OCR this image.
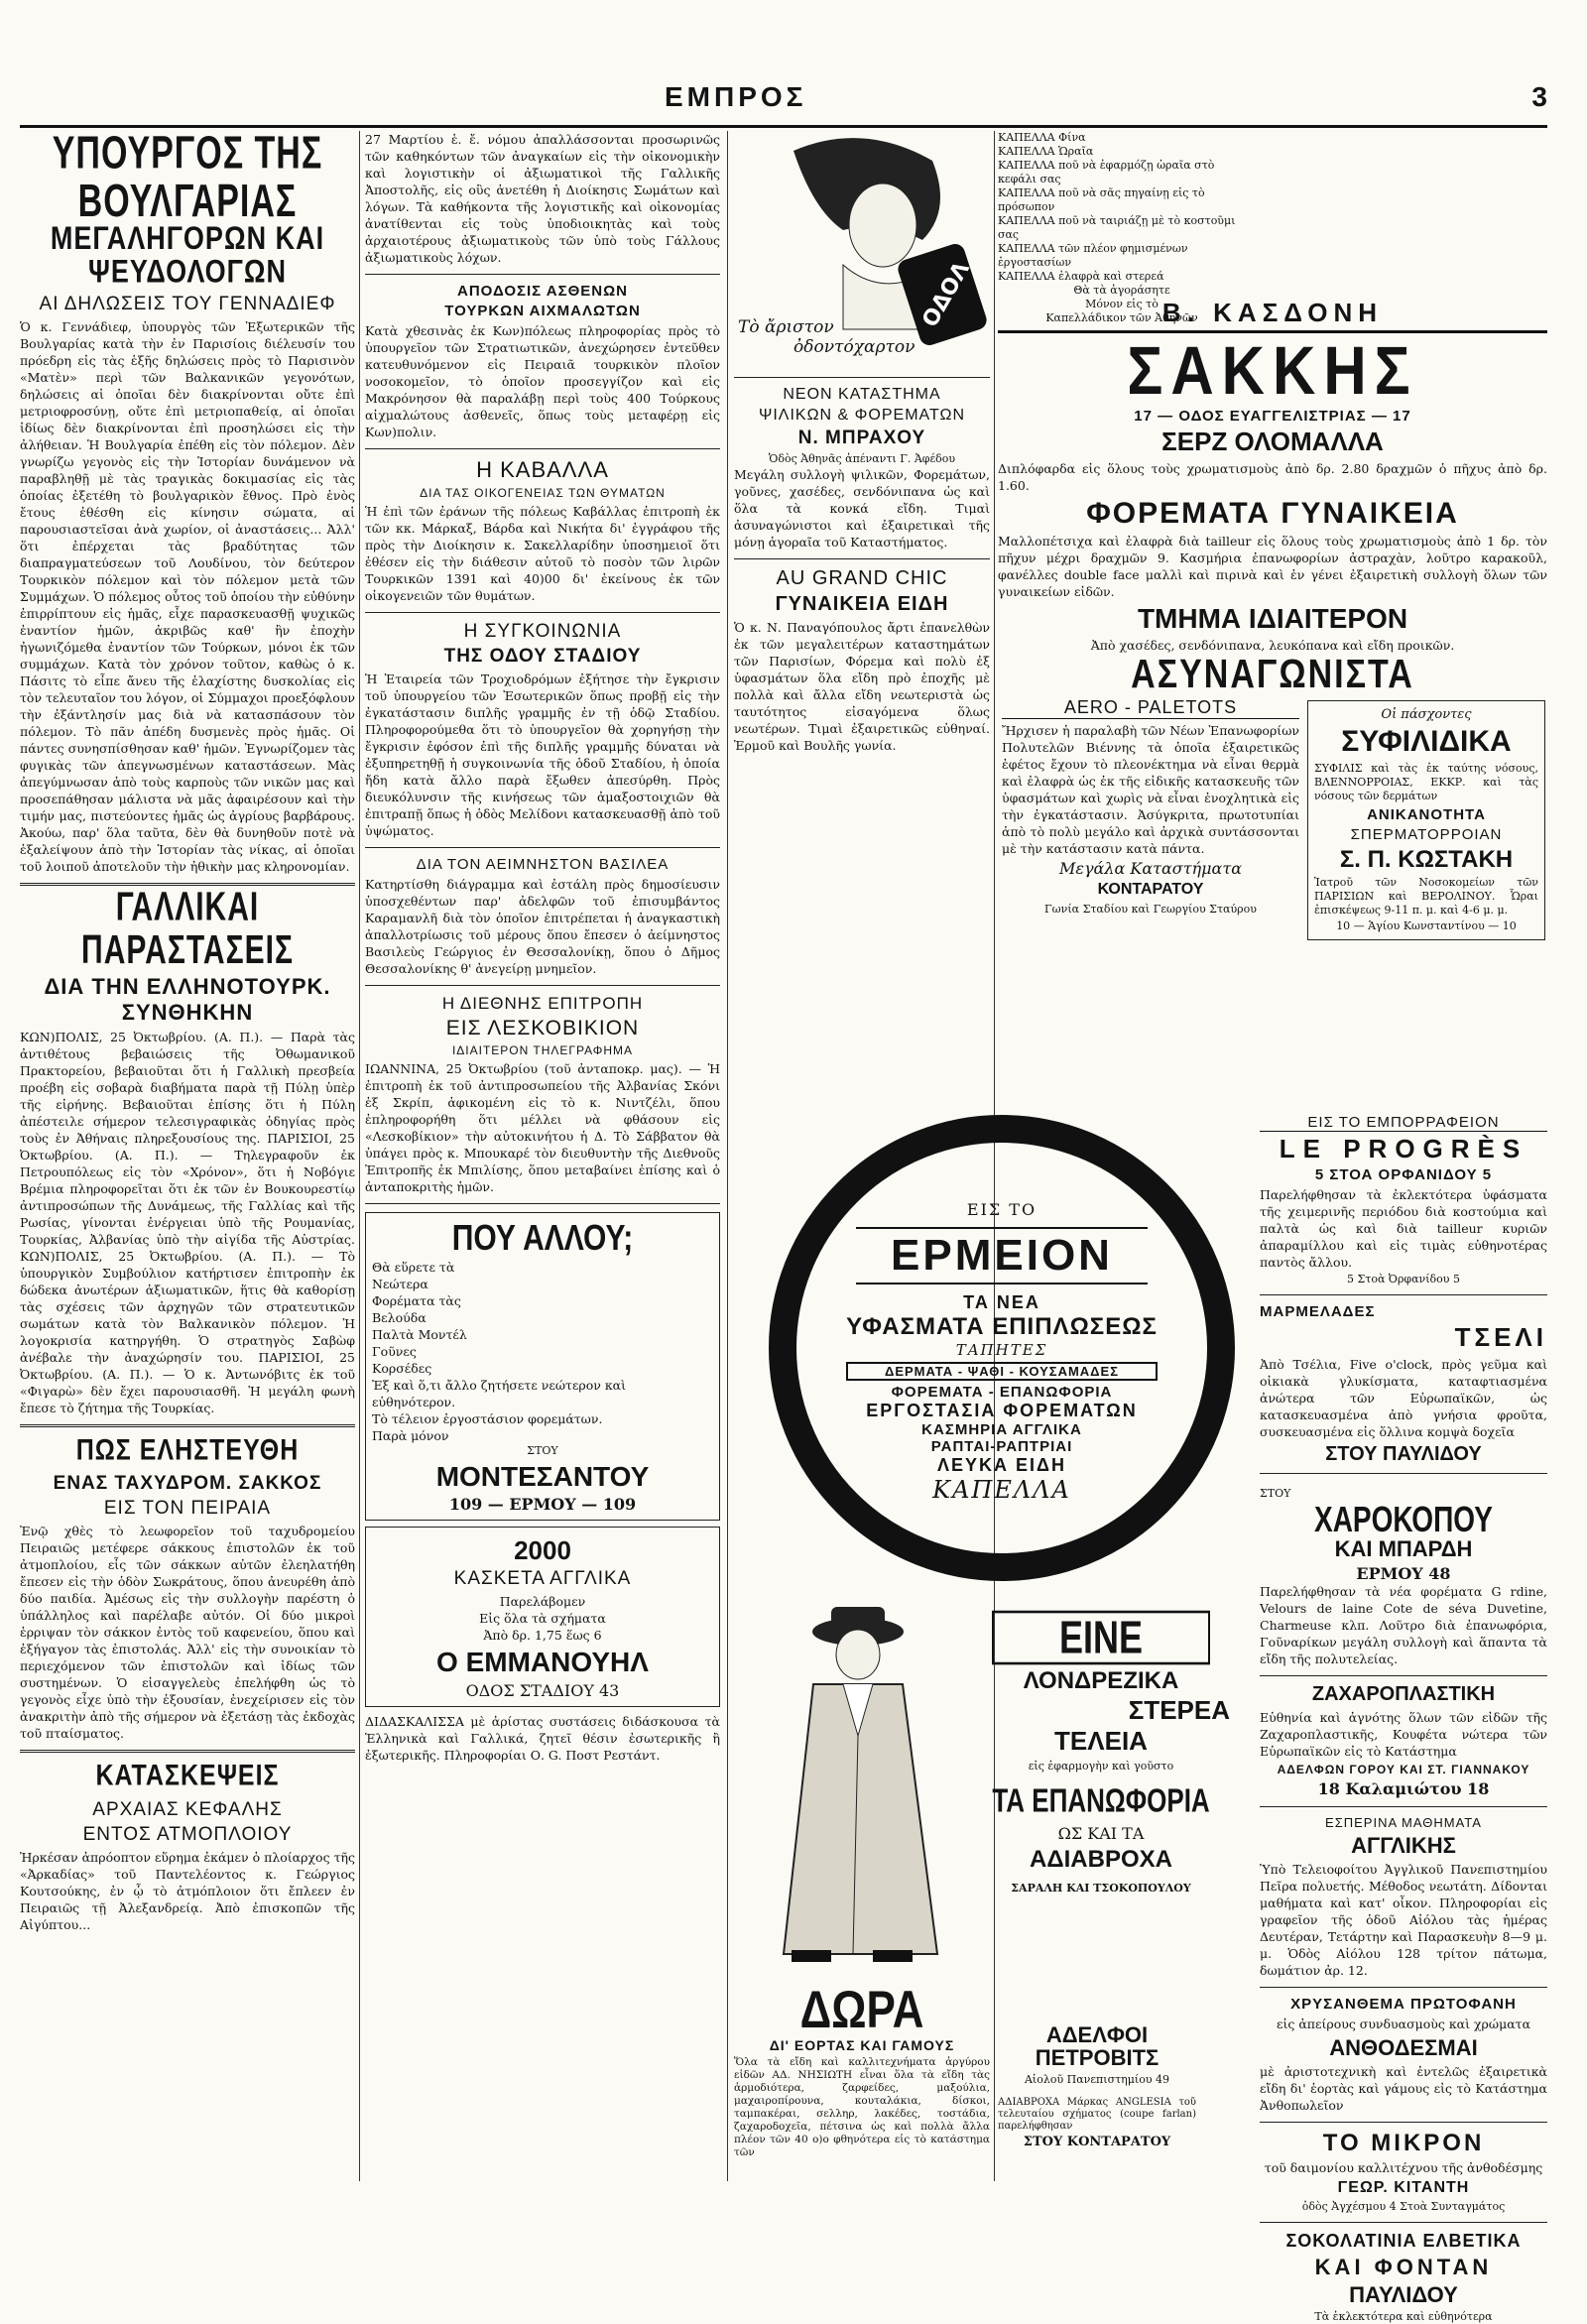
ΕΜΠΡΟΣ	3
ΥΠΟΥΡΓΟΣ ΤΗΣ ΒΟΥΛΓΑΡΙΑΣ
ΜΕΓΑΛΗΓΟΡΩΝ ΚΑΙ ΨΕΥΔΟΛΟΓΩΝ
ΑΙ ΔΗΛΩΣΕΙΣ ΤΟΥ ΓΕΝΝΑΔΙΕΦ

Ὁ κ. Γεννάδιεφ, ὑπουργὸς τῶν Ἐξωτερικῶν τῆς Βουλγαρίας κατὰ τὴν ἐν Παρισίοις διέλευσίν του πρόεδρη εἰς τὰς ἑξῆς δηλώσεις πρὸς τὸ Παρισινὸν «Ματὲν» περὶ τῶν Βαλκανικῶν γεγονότων, δηλώσεις αἱ ὁποῖαι δὲν διακρίνονται οὔτε ἐπὶ μετριοφροσύνῃ, οὔτε ἐπὶ μετριοπαθείᾳ, αἱ ὁποῖαι ἰδίως δὲν διακρίνονται ἐπὶ προσηλώσει εἰς τὴν ἀλήθειαν. Ἡ Βουλγαρία ἐπέθη εἰς τὸν πόλεμον. Δὲν γνωρίζω γεγονὸς εἰς τὴν Ἱστορίαν δυνάμενον νὰ παραβληθῇ μὲ τὰς τραγικὰς δοκιμασίας εἰς τὰς ὁποίας ἐξετέθη τὸ βουλγαρικὸν ἔθνος. Πρὸ ἑνὸς ἔτους ἐθέσθη εἰς κίνησιν σώματα, αἱ παρουσιαστεῖσαι ἀνὰ χωρίον, οἱ ἀναστάσεις... Ἀλλ' ὅτι ἐπέρχεται τὰς βραδύτητας τῶν διαπραγματεύσεων τοῦ Λουδίνου, τὸν δεύτερον Τουρκικὸν πόλεμον καὶ τὸν πόλεμον μετὰ τῶν Συμμάχων. Ὁ πόλεμος οὗτος τοῦ ὁποίου τὴν εὐθύνην ἐπιρρίπτουν εἰς ἡμᾶς, εἶχε παρασκευασθῇ ψυχικῶς ἐναντίον ἡμῶν, ἀκριβῶς καθ' ἣν ἐποχὴν ἠγωνιζόμεθα ἐναντίον τῶν Τούρκων, μόνοι ἐκ τῶν συμμάχων. Κατὰ τὸν χρόνον τοῦτον, καθὼς ὁ κ. Πάσιτς τὸ εἶπε ἄνευ τῆς ἐλαχίστης δυσκολίας εἰς τὸν τελευταῖον του λόγον, οἱ Σύμμαχοι προεξόφλουν τὴν ἐξάντλησίν μας διὰ νὰ κατασπάσουν τὸν πόλεμον. Τὸ πᾶν ἀπέδη δυσμενὲς πρὸς ἡμᾶς. Οἱ πάντες συνησπίσθησαν καθ' ἡμῶν. Ἐγνωρίζομεν τὰς φυγικὰς τῶν ἀπεγνωσμένων καταστάσεων. Μὰς ἀπεγύμνωσαν ἀπὸ τοὺς καρποὺς τῶν νικῶν μας καὶ προσεπάθησαν μάλιστα νὰ μᾶς ἀφαιρέσουν καὶ τὴν τιμήν μας, πιστεύοντες ἡμᾶς ὡς ἀγρίους βαρβάρους. Ἀκούω, παρ' ὅλα ταῦτα, δὲν θὰ δυνηθοῦν ποτὲ νὰ ἐξαλείψουν ἀπὸ τὴν Ἱστορίαν τὰς νίκας, αἱ ὁποῖαι τοῦ λοιποῦ ἀποτελοῦν τὴν ἠθικὴν μας κληρονομίαν.

ΓΑΛΛΙΚΑΙ ΠΑΡΑΣΤΑΣΕΙΣ
ΔΙΑ ΤΗΝ ΕΛΛΗΝΟΤΟΥΡΚ. ΣΥΝΘΗΚΗΝ

ΚΩΝ)ΠΟΛΙΣ, 25 Ὀκτωβρίου. (Α. Π.). — Παρὰ τὰς ἀντιθέτους βεβαιώσεις τῆς Ὀθωμανικοῦ Πρακτορείου, βεβαιοῦται ὅτι ἡ Γαλλικὴ πρεσβεία προέβη εἰς σοβαρὰ διαβήματα παρὰ τῇ Πύλῃ ὑπὲρ τῆς εἰρήνης. Βεβαιοῦται ἐπίσης ὅτι ἡ Πύλη ἀπέστειλε σήμερον τελεσιγραφικὰς ὁδηγίας πρὸς τοὺς ἐν Ἀθήναις πληρεξουσίους της. ΠΑΡΙΣΙΟΙ, 25 Ὀκτωβρίου. (Α. Π.). — Τηλεγραφοῦν ἐκ Πετρουπόλεως εἰς τὸν «Χρόνον», ὅτι ἡ Νοβόγιε Βρέμια πληροφορεῖται ὅτι ἐκ τῶν ἐν Βουκουρεστίῳ ἀντιπροσώπων τῆς Δυνάμεως, τῆς Γαλλίας καὶ τῆς Ρωσίας, γίνονται ἐνέργειαι ὑπὸ τῆς Ρουμανίας, Τουρκίας, Ἀλβανίας ὑπὸ τὴν αἰγίδα τῆς Αὐστρίας. ΚΩΝ)ΠΟΛΙΣ, 25 Ὀκτωβρίου. (Α. Π.). — Τὸ ὑπουργικὸν Συμβούλιον κατήρτισεν ἐπιτροπὴν ἐκ δώδεκα ἀνωτέρων ἀξιωματικῶν, ἥτις θὰ καθορίσῃ τὰς σχέσεις τῶν ἀρχηγῶν τῶν στρατευτικῶν σωμάτων κατὰ τὸν Βαλκανικὸν πόλεμον. Ἡ λογοκρισία κατηργήθη. Ὁ στρατηγὸς Σαβὼφ ἀνέβαλε τὴν ἀναχώρησίν του. ΠΑΡΙΣΙΟΙ, 25 Ὀκτωβρίου. (Α. Π.). — Ὁ κ. Ἀντωνόβιτς ἐκ τοῦ «Φιγαρὼ» δὲν ἔχει παρουσιασθῆ. Ἡ μεγάλη φωνὴ ἔπεσε τὸ ζήτημα τῆς Τουρκίας.

ΠΩΣ ΕΛΗΣΤΕΥΘΗ
ΕΝΑΣ ΤΑΧΥΔΡΟΜ. ΣΑΚΚΟΣ
ΕΙΣ ΤΟΝ ΠΕΙΡΑΙΑ

Ἐνῷ χθὲς τὸ λεωφορεῖον τοῦ ταχυδρομείου Πειραιῶς μετέφερε σάκκους ἐπιστολῶν ἐκ τοῦ ἀτμοπλοίου, εἷς τῶν σάκκων αὐτῶν ἐλεηλατήθη ἔπεσεν εἰς τὴν ὁδὸν Σωκράτους, ὅπου ἀνευρέθη ἀπὸ δύο παιδία. Ἀμέσως εἰς τὴν συλλογὴν παρέστη ὁ ὑπάλληλος καὶ παρέλαβε αὐτόν. Οἱ δύο μικροὶ ἐρριψαν τὸν σάκκον ἐντὸς τοῦ καφενείου, ὅπου καὶ ἐξήγαγον τὰς ἐπιστολάς. Ἀλλ' εἰς τὴν συνοικίαν τὸ περιεχόμενον τῶν ἐπιστολῶν καὶ ἰδίως τῶν συστημένων. Ὁ εἰσαγγελεὺς ἐπελήφθη ὡς τὸ γεγονὸς εἶχε ὑπὸ τὴν ἐξουσίαν, ἐνεχείρισεν εἰς τὸν ἀνακριτὴν ἀπὸ τῆς σήμερον νὰ ἐξετάσῃ τὰς ἐκδοχὰς τοῦ πταίσματος.

ΚΑΤΑΣΚΕΨΕΙΣ
ΑΡΧΑΙΑΣ ΚΕΦΑΛΗΣ
ΕΝΤΟΣ ΑΤΜΟΠΛΟΙΟΥ

Ἡρκέσαν ἀπρόοπτον εὕρημα ἐκάμεν ὁ πλοίαρχος τῆς «Ἀρκαδίας» τοῦ Παντελέοντος κ. Γεώργιος Κουτσούκης, ἐν ᾧ τὸ ἀτμόπλοιον ὅτι ἔπλεεν ἐν Πειραιῶς τῇ Ἀλεξανδρείᾳ. Ἀπὸ ἐπισκοπῶν τῆς Αἰγύπτου...

27 Μαρτίου ἑ. ἔ. νόμου ἀπαλλάσσονται προσωρινῶς τῶν καθηκόντων τῶν ἀναγκαίων εἰς τὴν οἰκονομικὴν καὶ λογιστικὴν οἱ ἀξιωματικοὶ τῆς Γαλλικῆς Ἀποστολῆς, εἰς οὓς ἀνετέθη ἡ Διοίκησις Σωμάτων καὶ λόγων. Τὰ καθήκοντα τῆς λογιστικῆς καὶ οἰκονομίας ἀνατίθενται εἰς τοὺς ὑποδιοικητὰς καὶ τοὺς ἀρχαιοτέρους ἀξιωματικοὺς τῶν ὑπὸ τοὺς Γάλλους ἀξιωματικοὺς λόχων.

ΑΠΟΔΟΣΙΣ ΑΣΘΕΝΩΝ
ΤΟΥΡΚΩΝ ΑΙΧΜΑΛΩΤΩΝ

Κατὰ χθεσινὰς ἐκ Κων)πόλεως πληροφορίας πρὸς τὸ ὑπουργεῖον τῶν Στρατιωτικῶν, ἀνεχώρησεν ἐντεῦθεν κατευθυνόμενον εἰς Πειραιᾶ τουρκικὸν πλοῖον νοσοκομεῖον, τὸ ὁποῖον προσεγγίζον καὶ εἰς Μακρόνησον θὰ παραλάβῃ περὶ τοὺς 400 Τούρκους αἰχμαλώτους ἀσθενεῖς, ὅπως τοὺς μεταφέρῃ εἰς Κων)πολιν.

Η ΚΑΒΑΛΛΑ
ΔΙΑ ΤΑΣ ΟΙΚΟΓΕΝΕΙΑΣ ΤΩΝ ΘΥΜΑΤΩΝ

Ἡ ἐπὶ τῶν ἐράνων τῆς πόλεως Καβάλλας ἐπιτροπὴ ἐκ τῶν κκ. Μάρκαξ, Βάρδα καὶ Νικήτα δι' ἐγγράφου τῆς πρὸς τὴν Διοίκησιν κ. Σακελλαρίδην ὑποσημειοῖ ὅτι ἐθέσεν εἰς τὴν διάθεσιν αὐτοῦ τὸ ποσὸν τῶν λιρῶν Τουρκικῶν 1391 καὶ 40)00 δι' ἐκείνους ἐκ τῶν οἰκογενειῶν τῶν θυμάτων.

Η ΣΥΓΚΟΙΝΩΝΙΑ
ΤΗΣ ΟΔΟΥ ΣΤΑΔΙΟΥ

Ἡ Ἑταιρεία τῶν Τροχιοδρόμων ἐξήτησε τὴν ἔγκρισιν τοῦ ὑπουργείου τῶν Ἐσωτερικῶν ὅπως προβῇ εἰς τὴν ἐγκατάστασιν διπλῆς γραμμῆς ἐν τῇ ὁδῷ Σταδίου. Πληροφορούμεθα ὅτι τὸ ὑπουργεῖον θὰ χορηγήσῃ τὴν ἔγκρισιν ἐφόσον ἐπὶ τῆς διπλῆς γραμμῆς δύναται νὰ ἐξυπηρετηθῇ ἡ συγκοινωνία τῆς ὁδοῦ Σταδίου, ἡ ὁποία ἤδη κατὰ ἄλλο παρὰ ἔξωθεν ἀπεσύρθη. Πρὸς διευκόλυνσιν τῆς κινήσεως τῶν ἀμαξοστοιχιῶν θὰ ἐπιτραπῇ ὅπως ἡ ὁδὸς Μελίδονι κατασκευασθῇ ἀπὸ τοῦ ὑψώματος.

ΔΙΑ ΤΟΝ ΑΕΙΜΝΗΣΤΟΝ ΒΑΣΙΛΕΑ

Κατηρτίσθη διάγραμμα καὶ ἐστάλη πρὸς δημοσίευσιν ὑποσχεθέντων παρ' ἀδελφῶν τοῦ ἐπισυμβάντος Καραμανλῆ διὰ τὸν ὁποῖον ἐπιτρέπεται ἡ ἀναγκαστικὴ ἀπαλλοτρίωσις τοῦ μέρους ὅπου ἔπεσεν ὁ ἀείμνηστος Βασιλεὺς Γεώργιος ἐν Θεσσαλονίκῃ, ὅπου ὁ Δῆμος Θεσσαλονίκης θ' ἀνεγείρῃ μνημεῖον.

Η ΔΙΕΘΝΗΣ ΕΠΙΤΡΟΠΗ
ΕΙΣ ΛΕΣΚΟΒΙΚΙΟΝ
ΙΔΙΑΙΤΕΡΟΝ ΤΗΛΕΓΡΑΦΗΜΑ

ΙΩΑΝΝΙΝΑ, 25 Ὀκτωβρίου (τοῦ ἀνταποκρ. μας). — Ἡ ἐπιτροπὴ ἐκ τοῦ ἀντιπροσωπείου τῆς Ἀλβανίας Σκόνι ἐξ Σκρίπ, ἀφικομένη εἰς τὸ κ. Νιντζέλι, ὅπου ἐπληροφορήθη ὅτι μέλλει νὰ φθάσουν εἰς «Λεσκοβίκιον» τὴν αὐτοκινήτου ἡ Δ. Τὸ Σάββατον θὰ ὑπάγει πρὸς κ. Μπουκαρέ τὸν διευθυντὴν τῆς Διεθνοῦς Ἐπιτροπῆς ἐκ Μπιλίσης, ὅπου μεταβαίνει ἐπίσης καὶ ὁ ἀνταποκριτὴς ἡμῶν.

ΠΟΥ ΑΛΛΟΥ;
Θὰ εὕρετε τὰ
Νεώτερα
Φορέματα τὰς
Βελούδα
Παλτὰ Μοντέλ
Γοῦνες
Κορσέδες
Ἐξ καὶ ὅ,τι ἄλλο ζητήσετε νεώτερον καὶ εὐθηνότερον.
Τὸ τέλειον ἐργοστάσιον φορεμάτων.
Παρὰ μόνον
ΣΤΟΥ
ΜΟΝΤΕΣΑΝΤΟΥ
109 — ΕΡΜΟΥ — 109
2000
ΚΑΣΚΕΤΑ ΑΓΓΛΙΚΑ
Παρελάβομεν
Εἰς ὅλα τὰ σχήματα
Ἀπὸ δρ. 1,75 ἕως 6
Ο ΕΜΜΑΝΟΥΗΛ
ΟΔΟΣ ΣΤΑΔΙΟΥ 43

ΔΙΔΑΣΚΑΛΙΣΣΑ μὲ ἀρίστας συστάσεις διδάσκουσα τὰ Ἑλληνικὰ καὶ Γαλλικά, ζητεῖ θέσιν ἐσωτερικῆς ἢ ἐξωτερικῆς. Πληροφορίαι Ο. G. Ποστ Ρεστάντ.

ΟΔΟΛ
Τὸ ἄριστον
ὀδοντόχαρτον
ΝΕΟΝ ΚΑΤΑΣΤΗΜΑ
ΨΙΛΙΚΩΝ & ΦΟΡΕΜΑΤΩΝ
Ν. ΜΠΡΑΧΟΥ
Ὁδὸς Ἀθηνᾶς ἀπέναντι Γ. Ἀφέδου

Μεγάλη συλλογὴ ψιλικῶν, Φορεμάτων, γοῦνες, χασέδες, σενδόνιπανα ὡς καὶ ὅλα τὰ κονκά εἴδη. Τιμαὶ ἀσυναγώνιστοι καὶ ἐξαιρετικαὶ τῆς μόνῃ ἀγοραῖα τοῦ Καταστήματος.

AU GRAND CHIC
ΓΥΝΑΙΚΕΙΑ ΕΙΔΗ

Ὁ κ. Ν. Παναγόπουλος ἄρτι ἐπανελθὼν ἐκ τῶν μεγαλειτέρων καταστημάτων τῶν Παρισίων, Φόρεμα καὶ πολὺ ἐξ ὑφασμάτων ὅλα εἴδη πρὸ ἐποχῆς μὲ πολλὰ καὶ ἄλλα εἴδη νεωτεριστὰ ὡς ταυτότητος εἰσαγόμενα ὅλως νεωτέρων. Τιμαὶ ἐξαιρετικῶς εὐθηναί. Ἑρμοῦ καὶ Βουλῆς γωνία.

ΕΙΣ ΤΟ
ΕΡΜΕΙΟΝ
ΤΑ ΝΕΑ
ΥΦΑΣΜΑΤΑ ΕΠΙΠΛΩΣΕΩΣ
ΤΑΠΗΤΕΣ
ΔΕΡΜΑΤΑ - ΨΑΘΙ - ΚΟΥΣΑΜΑΔΕΣ
ΦΟΡΕΜΑΤΑ - ΕΠΑΝΩΦΟΡΙΑ
ΕΡΓΟΣΤΑΣΙΑ ΦΟΡΕΜΑΤΩΝ
ΚΑΣΜΗΡΙΑ ΑΓΓΛΙΚΑ
ΡΑΠΤΑΙ-ΡΑΠΤΡΙΑΙ
ΛΕΥΚΑ ΕΙΔΗ
ΚΑΠΕΛΛΑ
ΕΙΝΕ
ΛΟΝΔΡΕΖΙΚΑ
ΣΤΕΡΕΑ
ΤΕΛΕΙΑ
εἰς ἐφαρμογὴν καὶ γοῦστο
ΤΑ ΕΠΑΝΩΦΟΡΙΑ
ΩΣ ΚΑΙ ΤΑ
ΑΔΙΑΒΡΟΧΑ
ΣΑΡΑΛΗ ΚΑΙ ΤΣΟΚΟΠΟΥΛΟΥ
ΔΩΡΑ
ΔΙ' ΕΟΡΤΑΣ ΚΑΙ ΓΑΜΟΥΣ

Ὅλα τὰ εἴδη καὶ καλλιτεχνήματα ἀργύρου εἰδῶν ΑΔ. ΝΗΣΙΩΤΗ εἶναι ὅλα τὰ εἴδη τὰς ἀρμοδιότερα, ζαρφείδες, μαξούλια, μαχαιροπίρουνα, κουταλάκια, δίσκοι, ταμπακέραι, σελληρ, λακέδες, τοστάδια, ζαχαροδοχεῖα, πέτσινα ὡς καὶ πολλὰ ἄλλα πλέον τῶν 40 ο)ο φθηνότερα εἰς τὸ κατάστημα τῶν

ΑΔΕΛΦΟΙ ΠΕΤΡΟΒΙΤΣ
Αἰολοῦ Πανεπιστημίου 49

ΑΔΙΑΒΡΟΧΑ Μάρκας ANGLESIA τοῦ τελευταίου σχήματος (coupe farlan) παρελήφθησαν

ΣΤΟΥ ΚΟΝΤΑΡΑΤΟΥ
ΚΑΠΕΛΛΑ Φίνα
ΚΑΠΕΛΛΑ Ὡραῖα
ΚΑΠΕΛΛΑ ποῦ νὰ ἐφαρμόζῃ ὡραῖα στὸ κεφάλι σας
ΚΑΠΕΛΛΑ ποῦ νὰ σᾶς πηγαίνῃ εἰς τὸ πρόσωπον
ΚΑΠΕΛΛΑ ποῦ νὰ ταιριάζῃ μὲ τὸ κοστοῦμι σας
ΚΑΠΕΛΛΑ τῶν πλέον φημισμένων ἐργοστασίων
ΚΑΠΕΛΛΑ ἐλαφρὰ καὶ στερεά
Θὰ τὰ ἀγοράσητε
Μόνον εἰς τὸ
Καπελλάδικον τῶν Ἀθηνῶν
Β. ΚΑΣΔΟΝΗ
ΣΑΚΚΗΣ
17 — ΟΔΟΣ ΕΥΑΓΓΕΛΙΣΤΡΙΑΣ — 17
ΣΕΡΖ ΟΛΟΜΑΛΛΑ

Διπλόφαρδα εἰς ὅλους τοὺς χρωματισμοὺς ἀπὸ δρ. 2.80 δραχμῶν ὁ πῆχυς ἀπὸ δρ. 1.60.

ΦΟΡΕΜΑΤΑ ΓΥΝΑΙΚΕΙΑ

Μαλλοπέτσιχα καὶ ἐλαφρὰ διὰ tailleur εἰς ὅλους τοὺς χρωματισμοὺς ἀπὸ 1 δρ. τὸν πῆχυν μέχρι δραχμῶν 9. Κασμήρια ἐπανωφορίων ἀστραχὰν, λοῦτρο καρακοῦλ, φανέλλες double face μαλλὶ καὶ πιρινὰ καὶ ἐν γένει ἐξαιρετικὴ συλλογὴ ὅλων τῶν γυναικείων εἰδῶν.

ΤΜΗΜΑ ΙΔΙΑΙΤΕΡΟΝ

Ἀπὸ χασέδες, σενδόνιπανα, λευκόπανα καὶ εἴδη προικῶν.

ΑΣΥΝΑΓΩΝΙΣΤΑ
AERO - PALETOTS

Ἤρχισεν ἡ παραλαβὴ τῶν Νέων Ἐπανωφορίων Πολυτελῶν Βιέννης τὰ ὁποῖα ἐξαιρετικῶς ἐφέτος ἔχουν τὸ πλεονέκτημα νὰ εἶναι θερμὰ καὶ ἐλαφρὰ ὡς ἐκ τῆς εἰδικῆς κατασκευῆς τῶν ὑφασμάτων καὶ χωρὶς νὰ εἶναι ἐνοχλητικὰ εἰς τὴν ἐγκατάστασιν. Ἀσύγκριτα, πρωτοτυπίαι ἀπὸ τὸ πολὺ μεγάλο καὶ ἀρχικὰ συντάσσονται μὲ τὴν κατάστασιν κατὰ πάντα.

Μεγάλα Καταστήματα
ΚΟΝΤΑΡΑΤΟΥ
Γωνία Σταδίου καὶ Γεωργίου Σταύρου
Οἱ πάσχοντες
ΣΥΦΙΛΙΔΙΚΑ

ΣΥΦΙΛΙΣ καὶ τὰς ἐκ ταύτης νόσους, ΒΛΕΝΝΟΡΡΟΙΑΣ, ΕΚΚΡ. καὶ τὰς νόσους τῶν δερμάτων

ΑΝΙΚΑΝΟΤΗΤΑ
ΣΠΕΡΜΑΤΟΡΡΟΙΑΝ
Σ. Π. ΚΩΣΤΑΚΗ

Ἰατροῦ τῶν Νοσοκομείων τῶν ΠΑΡΙΣΙΩΝ καὶ ΒΕΡΟΛΙΝΟΥ. Ὧραι ἐπισκέψεως 9-11 π. μ. καὶ 4-6 μ. μ.

10 — Ἁγίου Κωνσταντίνου — 10
ΕΙΣ ΤΟ ΕΜΠΟΡΡΑΦΕΙΟΝ
LE PROGRÈS
5 ΣΤΟΑ ΟΡΦΑΝΙΔΟΥ 5

Παρελήφθησαν τὰ ἐκλεκτότερα ὑφάσματα τῆς χειμερινῆς περιόδου διὰ κοστούμια καὶ παλτὰ ὡς καὶ διὰ tailleur κυριῶν ἀπαραμίλλου καὶ εἰς τιμὰς εὐθηνοτέρας παντὸς ἄλλου.

5 Στοὰ Ὀρφανίδου 5
ΜΑΡΜΕΛΑΔΕΣ
ΤΣΕΛΙ

Ἀπὸ Τσέλια, Five o'clock, πρὸς γεῦμα καὶ οἰκιακὰ γλυκίσματα, καταφτιασμένα ἀνώτερα τῶν Εὐρωπαϊκῶν, ὡς κατασκευασμένα ἀπὸ γνήσια φροῦτα, συσκευασμένα εἰς ὅλλινα κομψὰ δοχεῖα

ΣΤΟΥ ΠΑΥΛΙΔΟΥ
ΣΤΟΥ
ΧΑΡΟΚΟΠΟΥ
ΚΑΙ ΜΠΑΡΔΗ
ΕΡΜΟΥ 48

Παρελήφθησαν τὰ νέα φορέματα G rdine, Velours de laine Cote de séva Duvetine, Charmeuse κλπ. Λοῦτρο διὰ ἐπανωφόρια, Γοῦναρίκων μεγάλη συλλογὴ καὶ ἅπαντα τὰ εἴδη τῆς πολυτελείας.

ΖΑΧΑΡΟΠΛΑΣΤΙΚΗ

Εὐθηνία καὶ ἀγνότης ὅλων τῶν εἰδῶν τῆς Ζαχαροπλαστικῆς, Κουφέτα νώτερα τῶν Εὐρωπαϊκῶν εἰς τὸ Κατάστημα

ΑΔΕΛΦΩΝ ΓΟΡΟΥ ΚΑΙ ΣΤ. ΓΙΑΝΝΑΚΟΥ
18 Καλαμιώτου 18
ΕΣΠΕΡΙΝΑ ΜΑΘΗΜΑΤΑ
ΑΓΓΛΙΚΗΣ

Ὑπὸ Τελειοφοίτου Ἀγγλικοῦ Πανεπιστημίου Πεῖρα πολυετής. Μέθοδος νεωτάτη. Δίδονται μαθήματα καὶ κατ' οἶκον. Πληροφορίαι εἰς γραφεῖον τῆς ὁδοῦ Αἰόλου τὰς ἡμέρας Δευτέραν, Τετάρτην καὶ Παρασκευὴν 8—9 μ. μ. Ὁδὸς Αἰόλου 128 τρίτον πάτωμα, δωμάτιον ἀρ. 12.

ΧΡΥΣΑΝΘΕΜΑ ΠΡΩΤΟΦΑΝΗ

εἰς ἀπείρους συνδυασμοὺς καὶ χρώματα

ΑΝΘΟΔΕΣΜΑΙ

μὲ ἀριστοτεχνικὴ καὶ ἐντελῶς ἐξαιρετικὰ εἴδη δι' ἑορτὰς καὶ γάμους εἰς τὸ Κατάστημα Ἀνθοπωλεῖον

ΤΟ ΜΙΚΡΟΝ

τοῦ δαιμονίου καλλιτέχνου τῆς ἀνθοδέσμης

ΓΕΩΡ. ΚΙΤΑΝΤΗ
ὁδὸς Ἀγχέσμου 4 Στοὰ Συνταγμάτος
ΣΟΚΟΛΑΤΙΝΙΑ ΕΛΒΕΤΙΚΑ
ΚΑΙ ΦΟΝΤΑΝ
ΠΑΥΛΙΔΟΥ

Τὰ ἐκλεκτότερα καὶ εὐθηνότερα
